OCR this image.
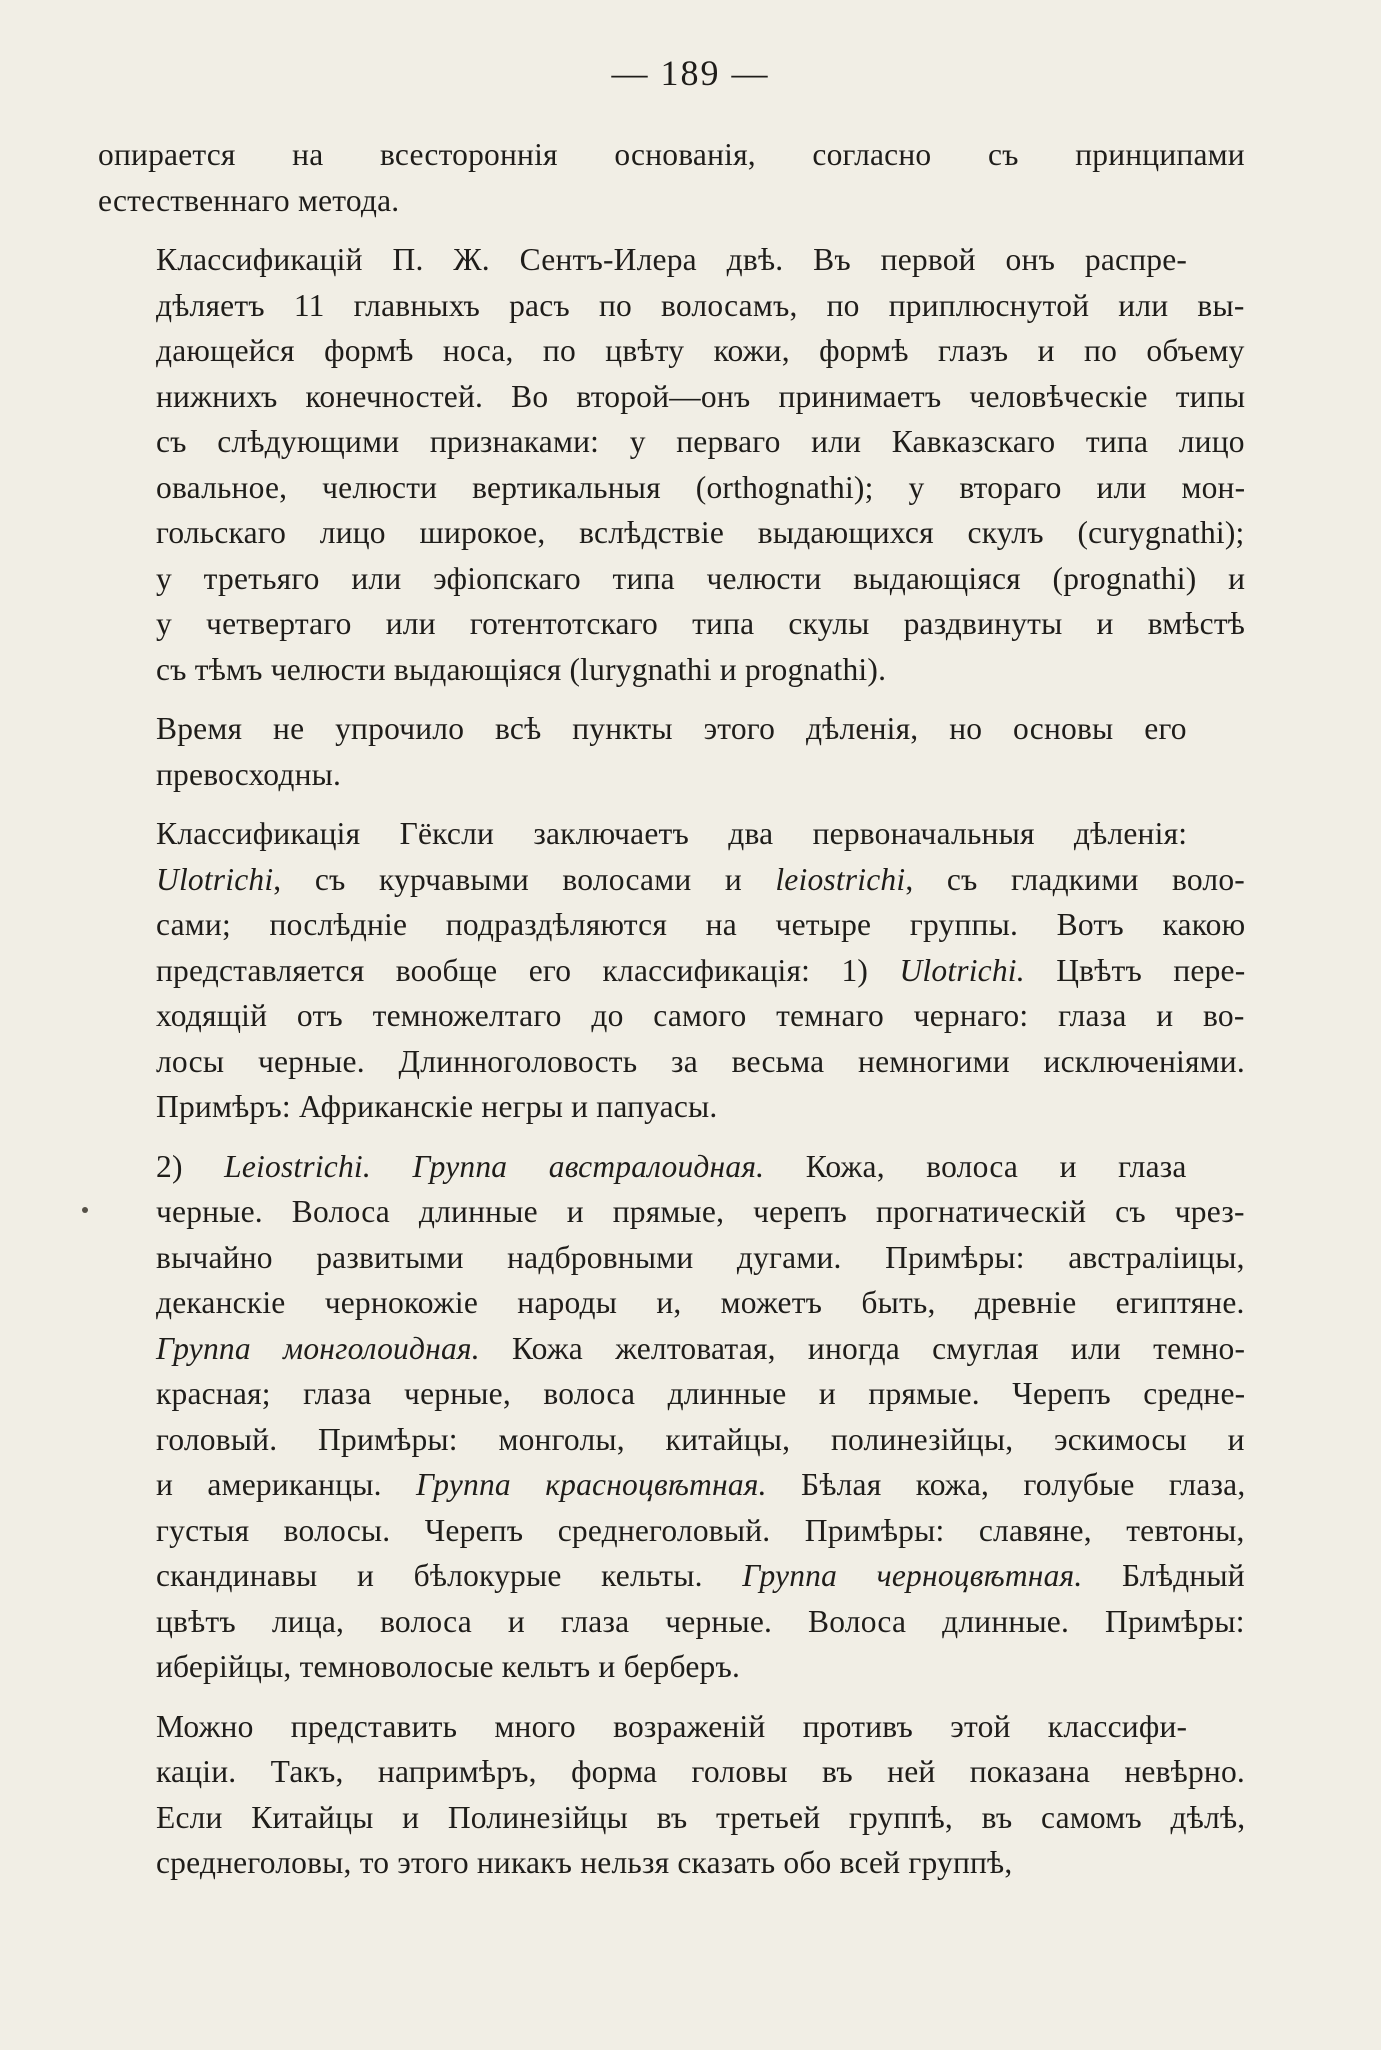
— 189 —

опирается на всестороннія основанія, согласно съ принципами
естественнаго метода.

Классификацій П. Ж. Сентъ-Илера двѣ. Въ первой онъ распре-
дѣляетъ 11 главныхъ расъ по волосамъ, по приплюснутой или вы-
дающейся формѣ носа, по цвѣту кожи, формѣ глазъ и по объему
нижнихъ конечностей. Во второй—онъ принимаетъ человѣческіе типы
съ слѣдующими признаками: у перваго или Кавказскаго типа лицо
овальное, челюсти вертикальныя (orthognathi); у втораго или мон-
гольскаго лицо широкое, вслѣдствіе выдающихся скулъ (curygnathi);
у третьяго или эфіопскаго типа челюсти выдающіяся (prognathi) и
у четвертаго или готентотскаго типа скулы раздвинуты и вмѣстѣ
съ тѣмъ челюсти выдающіяся (lurygnathi и prognathi).

Время не упрочило всѣ пункты этого дѣленія, но основы его
превосходны.

Классификація Гёксли заключаетъ два первоначальныя дѣленія:
Ulotrichi, съ курчавыми волосами и leiostrichi, съ гладкими воло-
сами; послѣдніе подраздѣляются на четыре группы. Вотъ какою
представляется вообще его классификація: 1) Ulotrichi. Цвѣтъ пере-
ходящій отъ темножелтаго до самого темнаго чернаго: глаза и во-
лосы черные. Длинноголовость за весьма немногими исключеніями.
Примѣръ: Африканскіе негры и папуасы.

2) Leiostrichi. Группа австралоидная. Кожа, волоса и глаза
черные. Волоса длинные и прямые, черепъ прогнатическій съ чрез-
вычайно развитыми надбровными дугами. Примѣры: австраліицы,
деканскіе чернокожіе народы и, можетъ быть, древніе египтяне.
Группа монголоидная. Кожа желтоватая, иногда смуглая или темно-
красная; глаза черные, волоса длинные и прямые. Черепъ средне-
головый. Примѣры: монголы, китайцы, полинезійцы, эскимосы и
и американцы. Группа красноцвѣтная. Бѣлая кожа, голубые глаза,
густыя волосы. Черепъ среднеголовый. Примѣры: славяне, тевтоны,
скандинавы и бѣлокурые кельты. Группа черноцвѣтная. Блѣдный
цвѣтъ лица, волоса и глаза черные. Волоса длинные. Примѣры:
иберійцы, темноволосые кельтъ и берберъ.

Можно представить много возраженій противъ этой классифи-
каціи. Такъ, напримѣръ, форма головы въ ней показана невѣрно.
Если Китайцы и Полинезійцы въ третьей группѣ, въ самомъ дѣлѣ,
среднеголовы, то этого никакъ нельзя сказать обо всей группѣ,
